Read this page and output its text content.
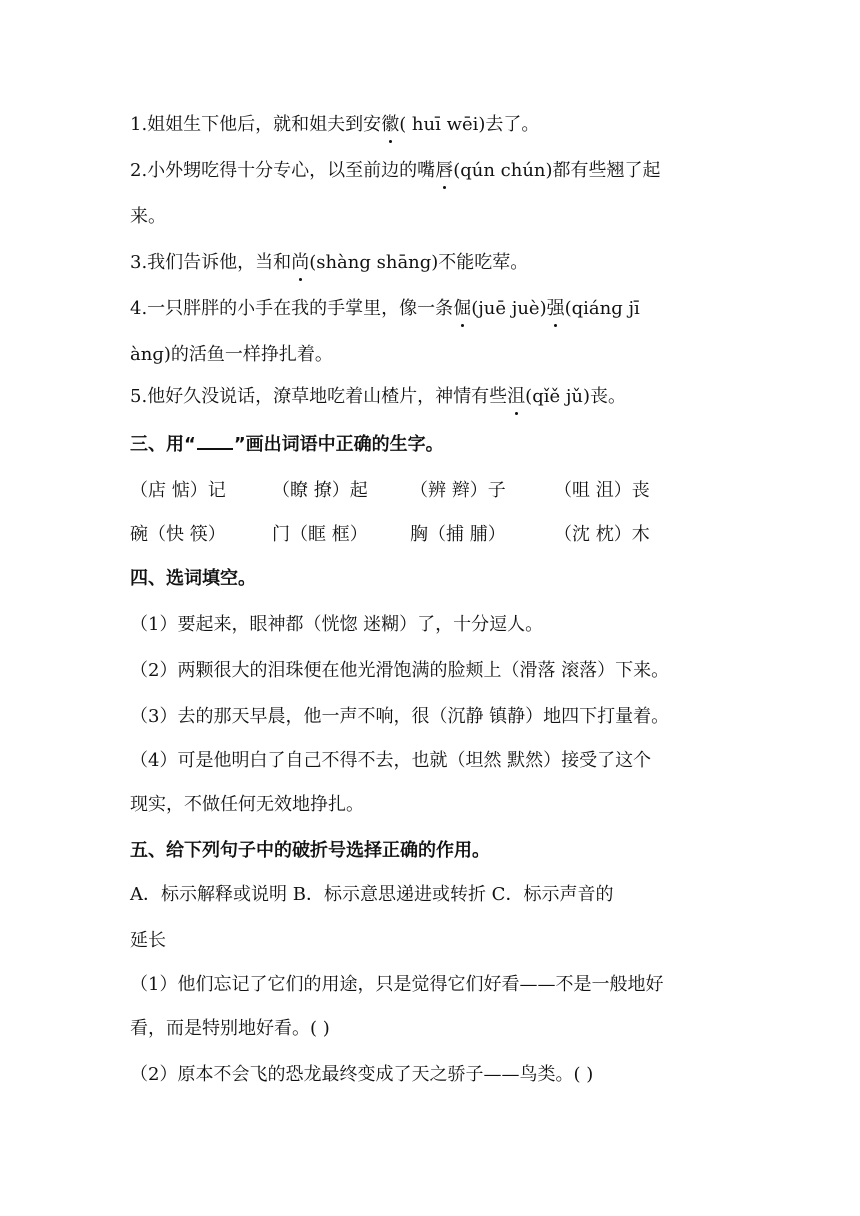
1.姐姐生下他后，就和姐夫到安徽( huī wēi)去了。
2.小外甥吃得十分专心，以至前边的嘴唇(qún chún)都有些翘了起
来。
3.我们告诉他，当和尚(shàng shāng)不能吃荤。
4.一只胖胖的小手在我的手掌里，像一条倔(juē juè)强(qiánɡ jī
ànɡ)的活鱼一样挣扎着。
5.他好久没说话，潦草地吃着山楂片，神情有些沮(qǐě jǔ)丧。
三、用“ ”画出词语中正确的生字。
（店 惦）记	（瞭 撩）起 （辨 辫）子	（咀 沮）丧
碗（快 筷）	门（眶 框） 胸（捕 脯）	（沈 枕）木
四、选词填空。
（1）要起来，眼神都（恍惚 迷糊）了，十分逗人。
（2）两颗很大的泪珠便在他光滑饱满的脸颊上（滑落 滚落）下来。
（3）去的那天早晨，他一声不响，很（沉静 镇静）地四下打量着。
（4）可是他明白了自己不得不去，也就（坦然 默然）接受了这个
现实，不做任何无效地挣扎。
五、给下列句子中的破折号选择正确的作用。
A．标示解释或说明 B．标示意思递进或转折 C．标示声音的
延长
（1）他们忘记了它们的用途，只是觉得它们好看——不是一般地好
看，而是特别地好看。( )
（2）原本不会飞的恐龙最终变成了天之骄子——鸟类。( )
